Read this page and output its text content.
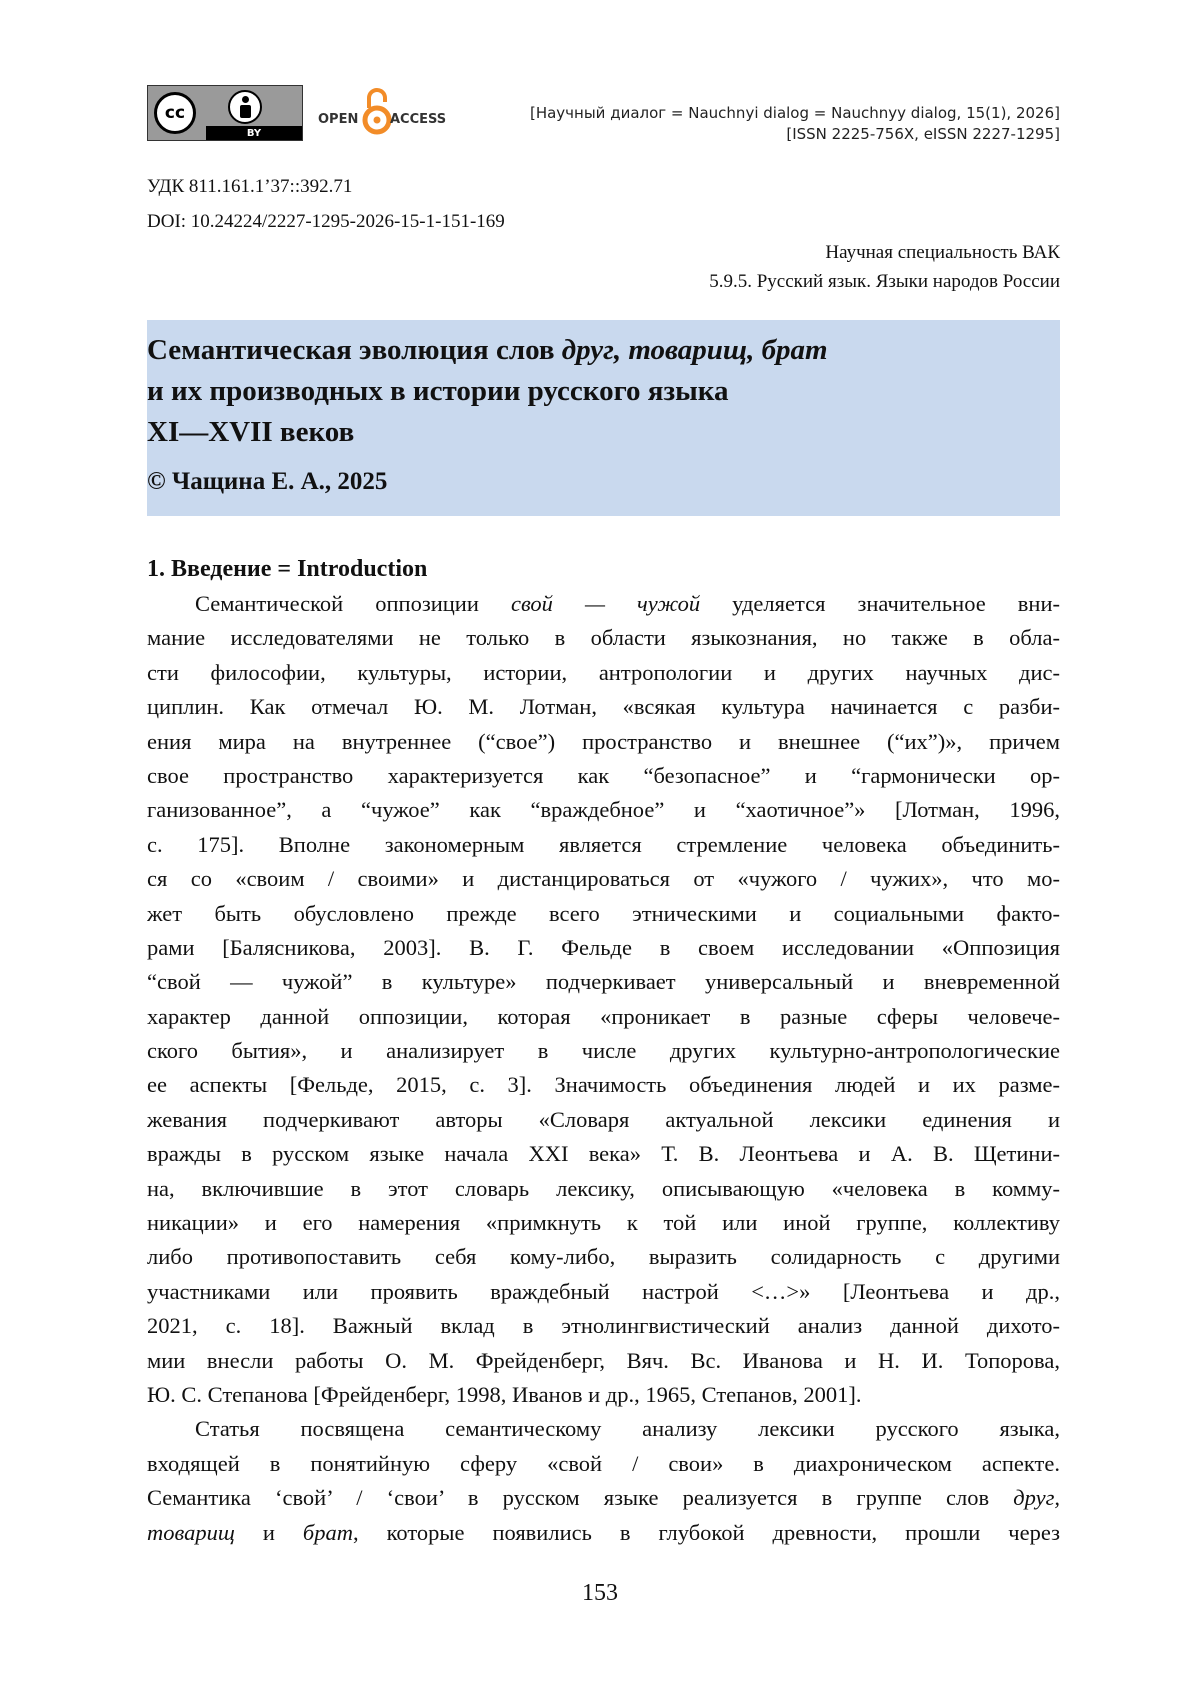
cc
BY
OPEN ACCESS	[Научный диалог = Nauchnyi dialog = Nauchnyy dialog, 15(1), 2026]
[ISSN 2225-756X, eISSN 2227-1295]
УДК 811.161.1’37::392.71
DOI: 10.24224/2227-1295-2026-15-1-151-169
Научная специальность ВАК
5.9.5. Русский язык. Языки народов России
Семантическая эволюция слов друг, товарищ, брат
и их производных в истории русского языка
XI—XVII веков
© Чащина Е. А., 2025
1. Введение = Introduction
Семантической оппозиции свой — чужой уделяется значительное вни-
мание исследователями не только в области языкознания, но также в обла-
сти философии, культуры, истории, антропологии и других научных дис-
циплин. Как отмечал Ю. М. Лотман, «всякая культура начинается с разби-
ения мира на внутреннее (“свое”) пространство и внешнее (“их”)», причем
свое пространство характеризуется как “безопасное” и “гармонически ор-
ганизованное”, а “чужое” как “враждебное” и “хаотичное”» [Лотман, 1996,
с. 175]. Вполне закономерным является стремление человека объединить-
ся со «своим / своими» и дистанцироваться от «чужого / чужих», что мо-
жет быть обусловлено прежде всего этническими и социальными факто-
рами [Балясникова, 2003]. В. Г. Фельде в своем исследовании «Оппозиция
“свой — чужой” в культуре» подчеркивает универсальный и вневременной
характер данной оппозиции, которая «проникает в разные сферы человече-
ского бытия», и анализирует в числе других культурно-антропологические
ее аспекты [Фельде, 2015, с. 3]. Значимость объединения людей и их разме-
жевания подчеркивают авторы «Словаря актуальной лексики единения и
вражды в русском языке начала XXI века» Т. В. Леонтьева и А. В. Щетини-
на, включившие в этот словарь лексику, описывающую «человека в комму-
никации» и его намерения «примкнуть к той или иной группе, коллективу
либо противопоставить себя кому-либо, выразить солидарность с другими
участниками или проявить враждебный настрой <…>» [Леонтьева и др.,
2021, с. 18]. Важный вклад в этнолингвистический анализ данной дихото-
мии внесли работы О. М. Фрейденберг, Вяч. Вс. Иванова и Н. И. Топорова,
Ю. С. Степанова [Фрейденберг, 1998, Иванов и др., 1965, Степанов, 2001].
Статья посвящена семантическому анализу лексики русского языка,
входящей в понятийную сферу «свой / свои» в диахроническом аспекте.
Семантика ‘свой’ / ‘свои’ в русском языке реализуется в группе слов друг,
товарищ и брат, которые появились в глубокой древности, прошли через
153
